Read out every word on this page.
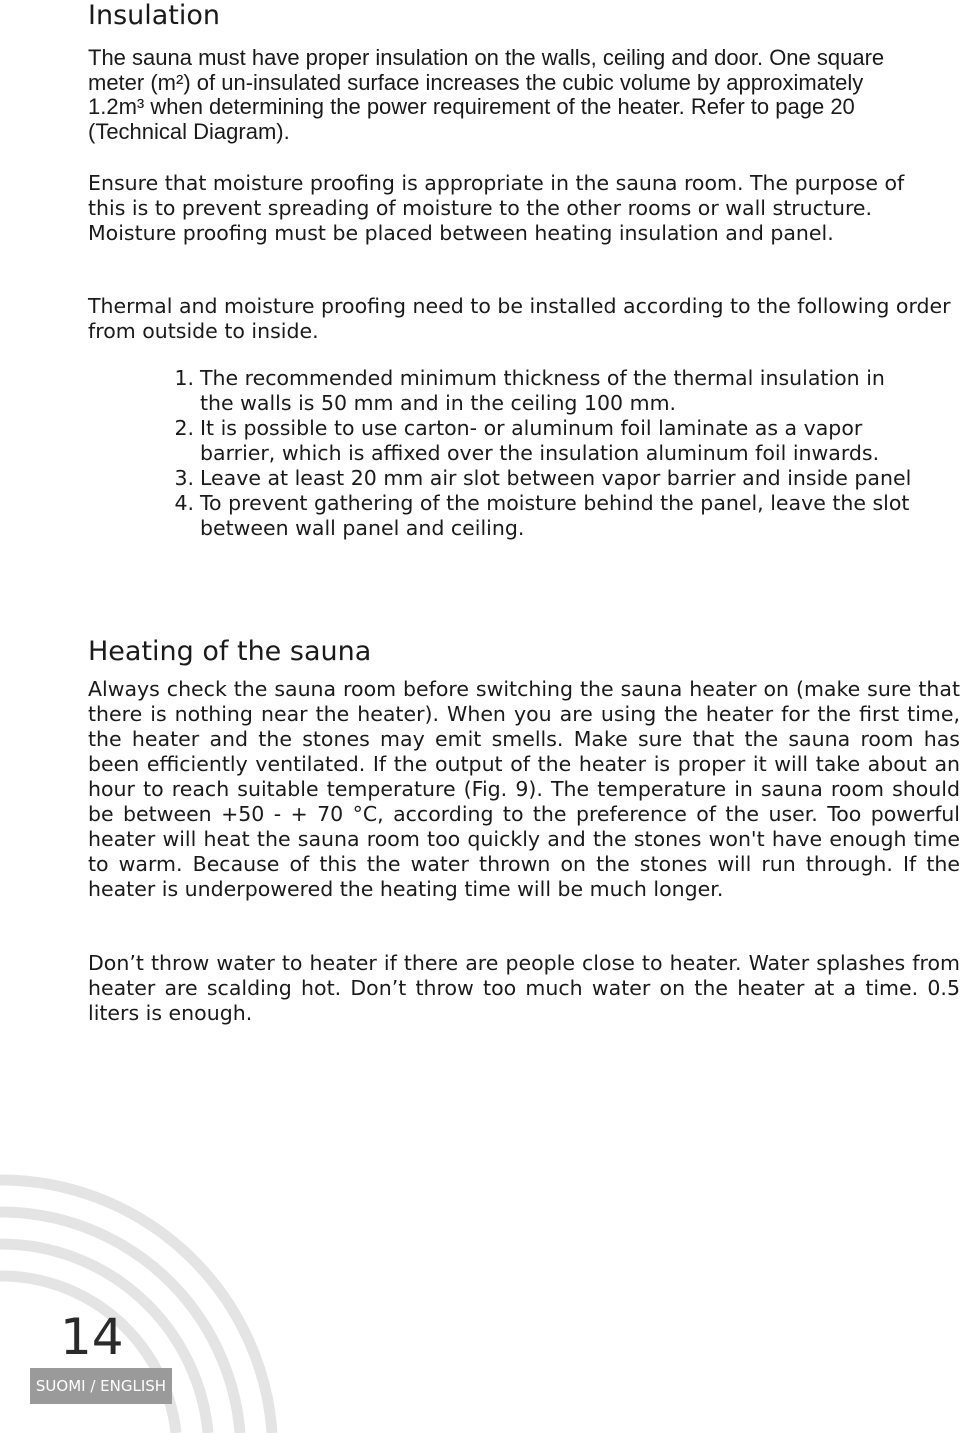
Insulation

The sauna must have proper insulation on the walls, ceiling and door. One square meter (m²) of un-insulated surface increases the cubic volume by approximately 1.2m³ when determining the power requirement of the heater. Refer to page 20 (Technical Diagram).

Ensure that moisture proofing is appropriate in the sauna room. The purpose of this is to prevent spreading of moisture to the other rooms or wall structure. Moisture proofing must be placed between heating insulation and panel.

Thermal and moisture proofing need to be installed according to the following order from outside to inside.

1. The recommended minimum thickness of the thermal insulation in the walls is 50 mm and in the ceiling 100 mm.
2. It is possible to use carton- or aluminum foil laminate as a vapor barrier, which is affixed over the insulation aluminum foil inwards.
3. Leave at least 20 mm air slot between vapor barrier and inside panel
4. To prevent gathering of the moisture behind the panel, leave the slot between wall panel and ceiling.
Heating of the sauna

Always check the sauna room before switching the sauna heater on (make sure that there is nothing near the heater). When you are using the heater for the first time, the heater and the stones may emit smells. Make sure that the sauna room has been efficiently ventilated. If the output of the heater is proper it will take about an hour to reach suitable temperature (Fig. 9). The temperature in sauna room should be between +50 - + 70 °C, according to the preference of the user. Too powerful heater will heat the sauna room too quickly and the stones won't have enough time to warm. Because of this the water thrown on the stones will run through. If the heater is underpowered the heating time will be much longer.

Don’t throw water to heater if there are people close to heater. Water splashes from heater are scalding hot. Don’t throw too much water on the heater at a time. 0.5 liters is enough.

14

SUOMI / ENGLISH
